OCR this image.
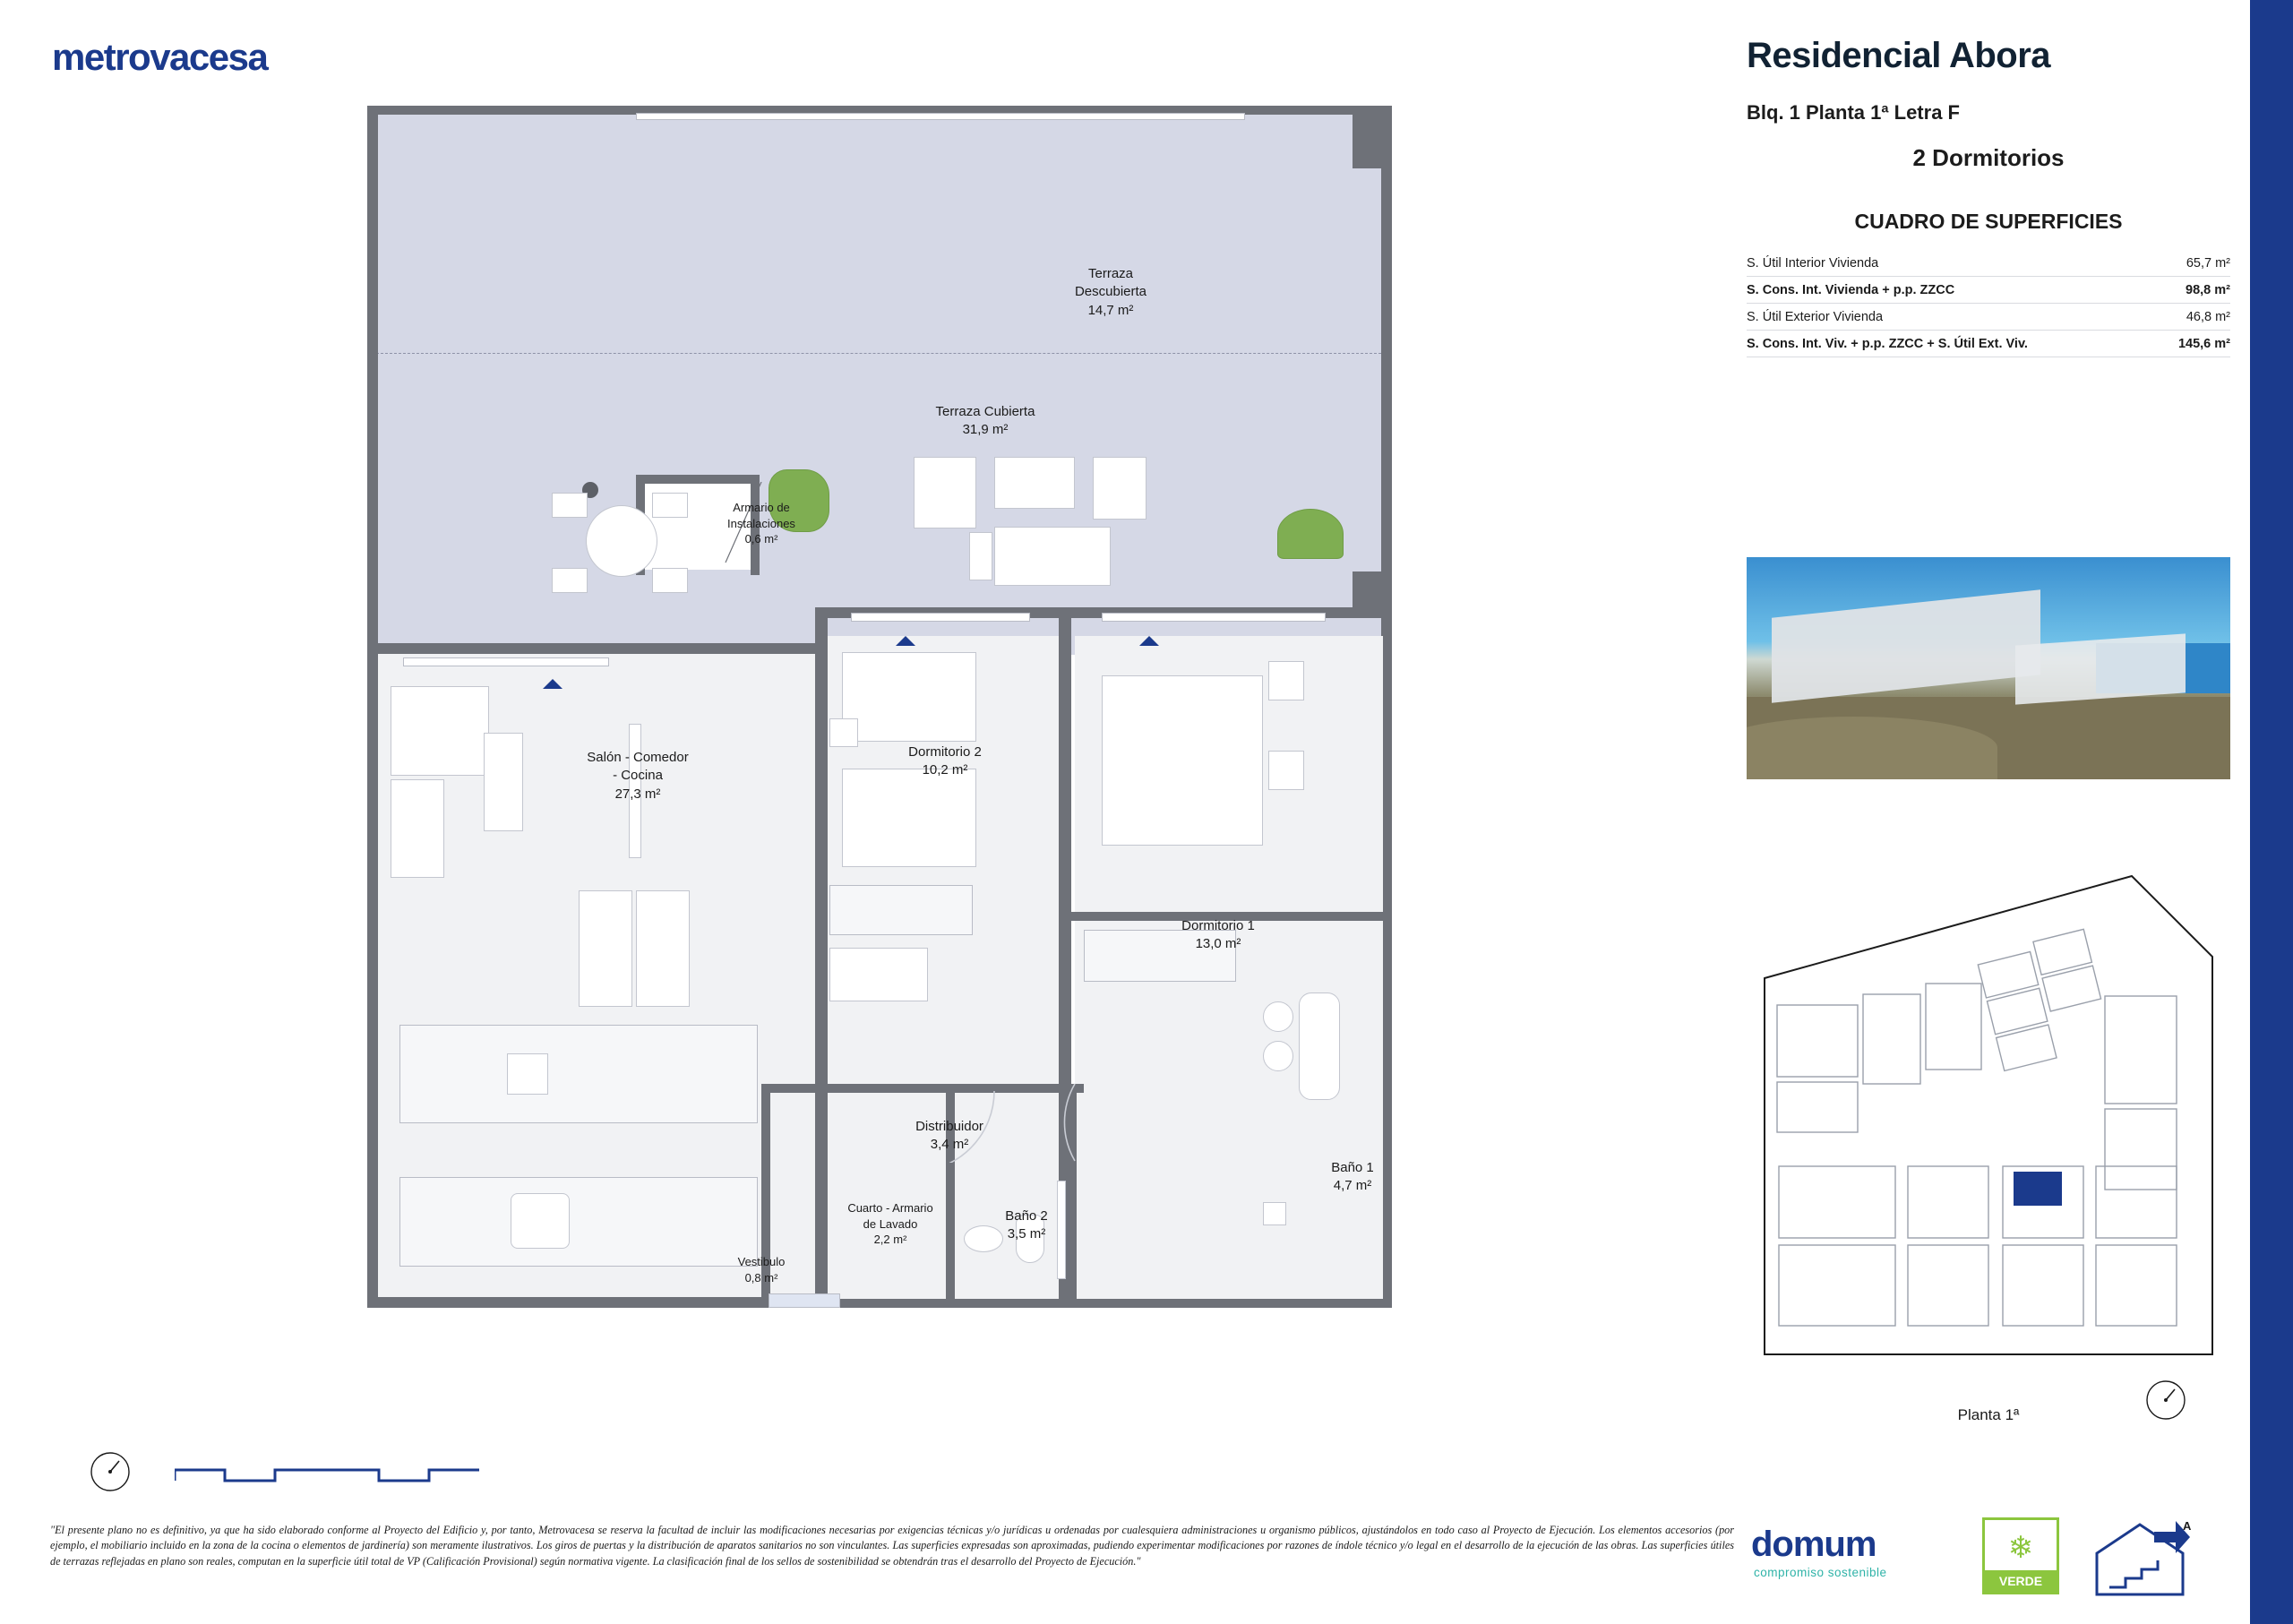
metrovacesa
Terraza
Descubierta
14,7 m²
Terraza Cubierta
31,9 m²
Armario de
Instalaciones
0,6 m²
Salón - Comedor
- Cocina
27,3 m²
Dormitorio 2
10,2 m²
Dormitorio 1
13,0 m²
Distribuidor
3,4 m²
Baño 1
4,7 m²
Baño 2
3,5 m²
Cuarto - Armario
de Lavado
2,2 m²
Vestibulo
0,8 m²
Residencial Abora
Blq. 1 Planta 1ª Letra F
2 Dormitorios
CUADRO DE SUPERFICIES
S. Útil Interior Vivienda	65,7 m²
S. Cons. Int. Vivienda + p.p. ZZCC	98,8 m²
S. Útil Exterior Vivienda	46,8 m²
S. Cons. Int. Viv. + p.p. ZZCC + S. Útil Ext. Viv.	145,6 m²
Planta 1ª
"El presente plano no es definitivo, ya que ha sido elaborado conforme al Proyecto del Edificio y, por tanto, Metrovacesa se reserva la facultad de incluir las modificaciones necesarias por exigencias técnicas y/o jurídicas u ordenadas por cualesquiera administraciones u organismo públicos, ajustándolos en todo caso al Proyecto de Ejecución. Los elementos accesorios (por ejemplo, el mobiliario incluido en la zona de la cocina o elementos de jardinería) son meramente ilustrativos. Los giros de puertas y la distribución de aparatos sanitarios no son vinculantes. Las superficies expresadas son aproximadas, pudiendo experimentar modificaciones por razones de índole técnico y/o legal en el desarrollo de la ejecución de las obras. Las superficies útiles de terrazas reflejadas en plano son reales, computan en la superficie útil total de VP (Calificación Provisional) según normativa vigente. La clasificación final de los sellos de sostenibilidad se obtendrán tras el desarrollo del Proyecto de Ejecución."	domum
compromiso sostenible
❄
VERDE
A
